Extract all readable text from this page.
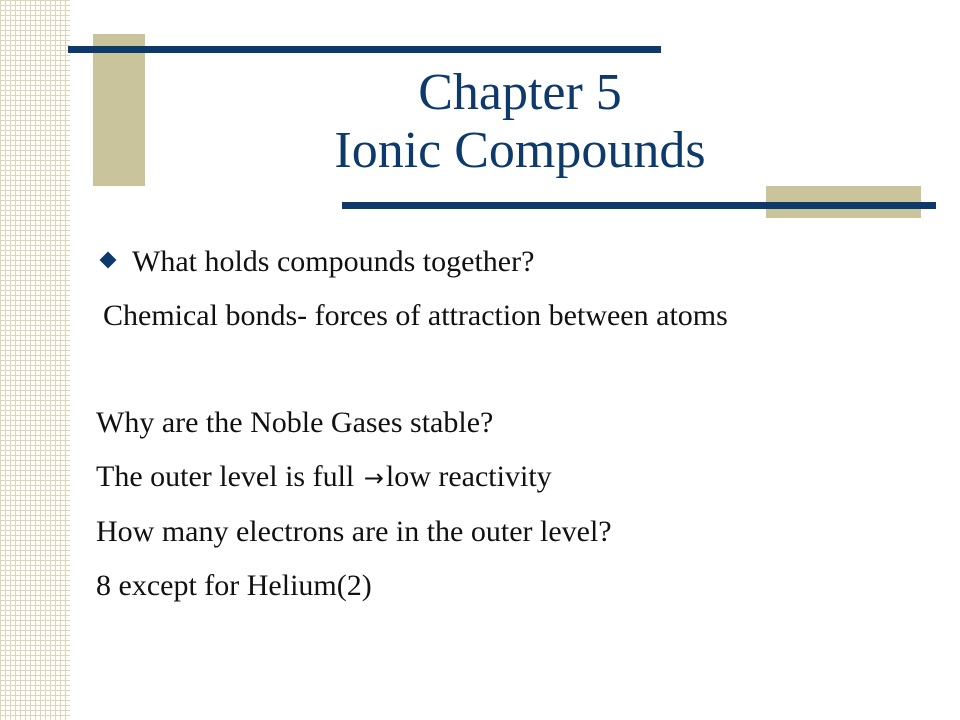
Chapter 5
Ionic Compounds

What holds compounds together?

Chemical bonds- forces of attraction between atoms

Why are the Noble Gases stable?

The outer level is full →low reactivity

How many electrons are in the outer level?

8 except for Helium(2)
